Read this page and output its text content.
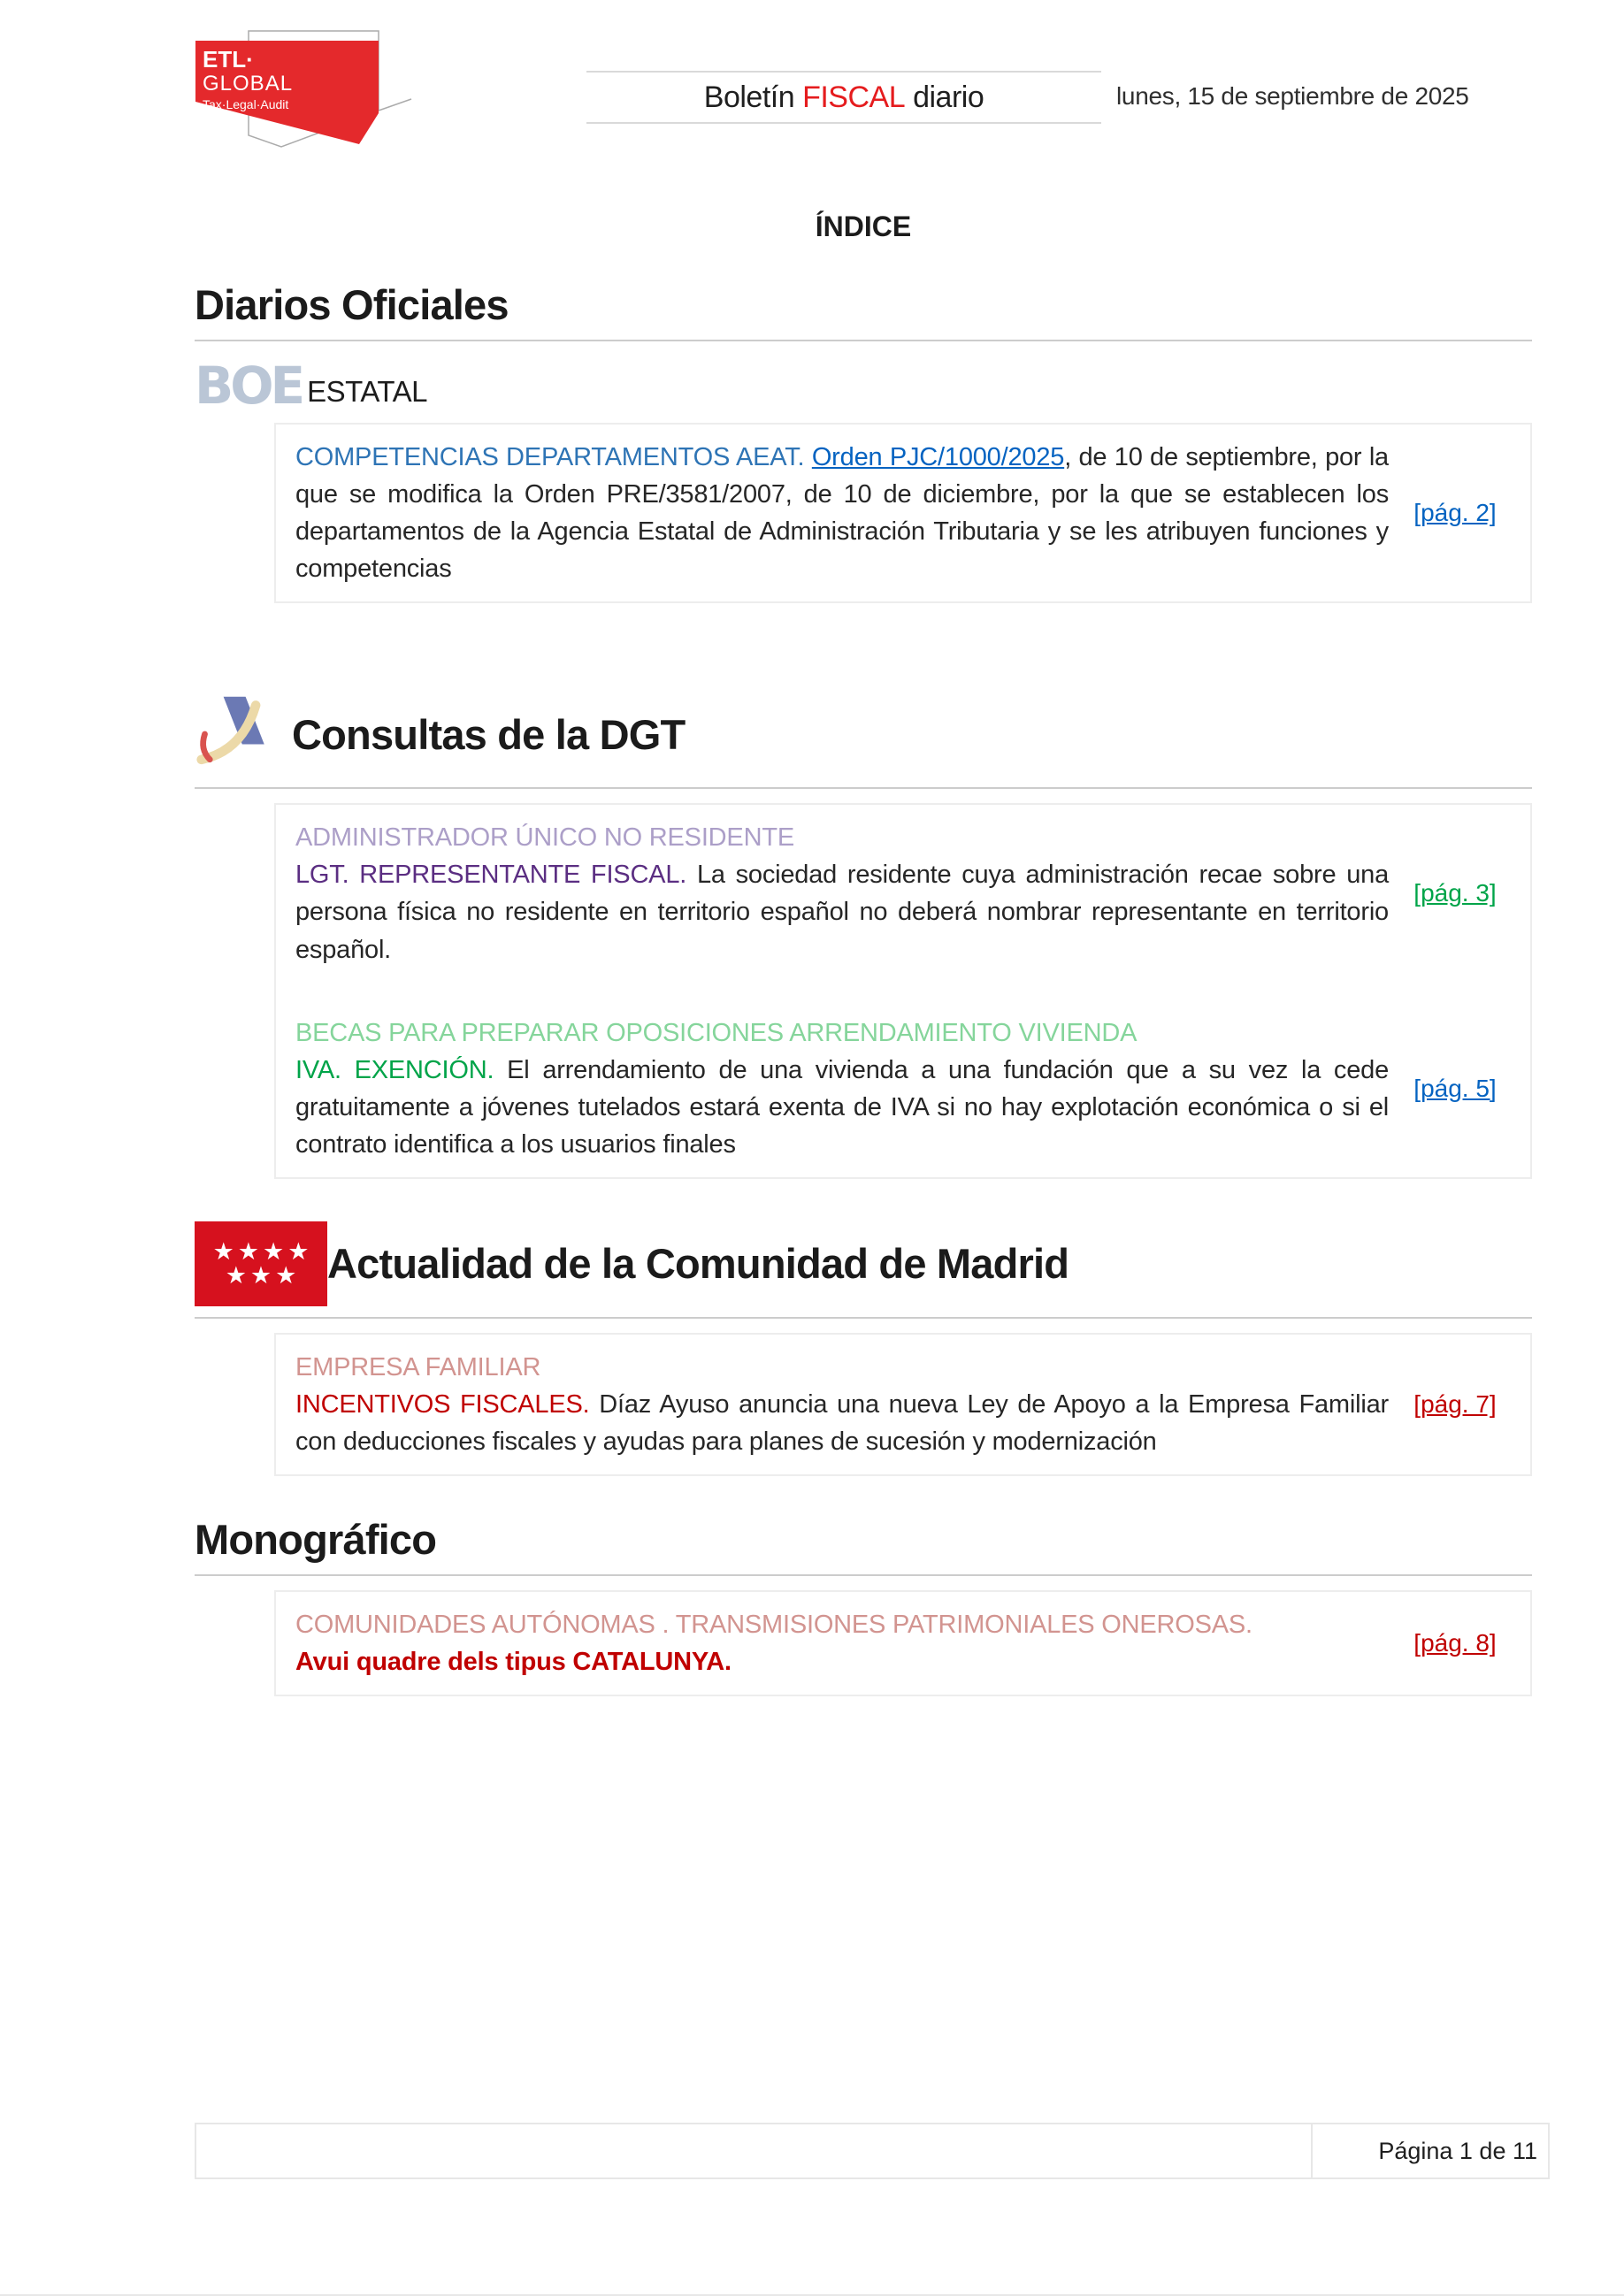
ETL·
GLOBAL
Tax·Legal·Audit	Boletín FISCAL diario	lunes, 15 de septiembre de 2025
ÍNDICE
Diarios Oficiales
BOE ESTATAL

COMPETENCIAS DEPARTAMENTOS AEAT. Orden PJC/1000/2025, de 10 de septiembre, por la que se modifica la Orden PRE/3581/2007, de 10 de diciembre, por la que se establecen los departamentos de la Agencia Estatal de Administración Tributaria y se les atribuyen funciones y competencias

[pág. 2]
Consultas de la DGT
ADMINISTRADOR ÚNICO NO RESIDENTE

LGT. REPRESENTANTE FISCAL. La sociedad residente cuya administración recae sobre una persona física no residente en territorio español no deberá nombrar representante en territorio español.

[pág. 3]
BECAS PARA PREPARAR OPOSICIONES ARRENDAMIENTO VIVIENDA

IVA. EXENCIÓN. El arrendamiento de una vivienda a una fundación que a su vez la cede gratuitamente a jóvenes tutelados estará exenta de IVA si no hay explotación económica o si el contrato identifica a los usuarios finales

[pág. 5]
★★★★
★★★ Actualidad de la Comunidad de Madrid
EMPRESA FAMILIAR

INCENTIVOS FISCALES. Díaz Ayuso anuncia una nueva Ley de Apoyo a la Empresa Familiar con deducciones fiscales y ayudas para planes de sucesión y modernización

[pág. 7]
Monográfico
COMUNIDADES AUTÓNOMAS . TRANSMISIONES PATRIMONIALES ONEROSAS.
Avui quadre dels tipus CATALUNYA.
[pág. 8]
Página 1 de 11
